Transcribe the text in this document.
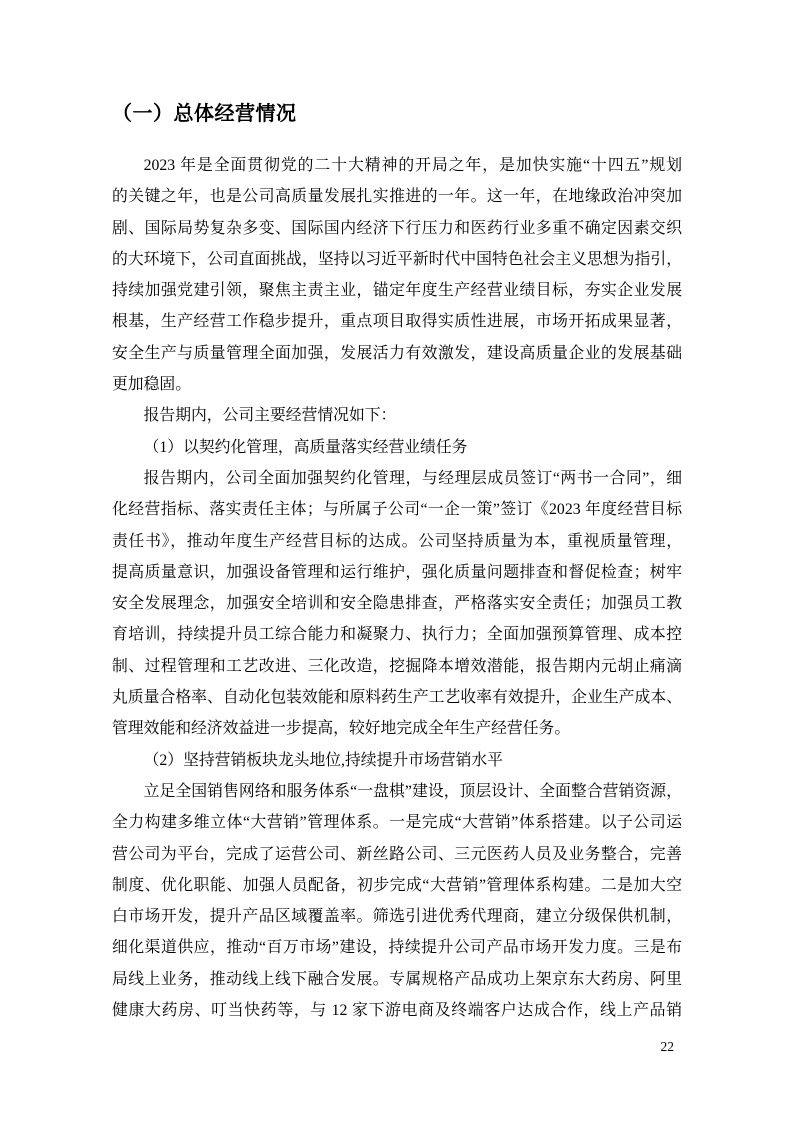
（一）总体经营情况
2023 年是全面贯彻党的二十大精神的开局之年，是加快实施“十四五”规划
的关键之年，也是公司高质量发展扎实推进的一年。这一年，在地缘政治冲突加
剧、国际局势复杂多变、国际国内经济下行压力和医药行业多重不确定因素交织
的大环境下，公司直面挑战，坚持以习近平新时代中国特色社会主义思想为指引，
持续加强党建引领，聚焦主责主业，锚定年度生产经营业绩目标，夯实企业发展
根基，生产经营工作稳步提升，重点项目取得实质性进展，市场开拓成果显著，
安全生产与质量管理全面加强，发展活力有效激发，建设高质量企业的发展基础
更加稳固。
报告期内，公司主要经营情况如下：
（1）以契约化管理，高质量落实经营业绩任务
报告期内，公司全面加强契约化管理，与经理层成员签订“两书一合同”，细
化经营指标、落实责任主体；与所属子公司“一企一策”签订《2023 年度经营目标
责任书》，推动年度生产经营目标的达成。公司坚持质量为本，重视质量管理，
提高质量意识，加强设备管理和运行维护，强化质量问题排查和督促检查；树牢
安全发展理念，加强安全培训和安全隐患排查，严格落实安全责任；加强员工教
育培训，持续提升员工综合能力和凝聚力、执行力；全面加强预算管理、成本控
制、过程管理和工艺改进、三化改造，挖掘降本增效潜能，报告期内元胡止痛滴
丸质量合格率、自动化包装效能和原料药生产工艺收率有效提升，企业生产成本、
管理效能和经济效益进一步提高，较好地完成全年生产经营任务。
（2）坚持营销板块龙头地位,持续提升市场营销水平
立足全国销售网络和服务体系“一盘棋”建设，顶层设计、全面整合营销资源，
全力构建多维立体“大营销”管理体系。一是完成“大营销”体系搭建。以子公司运
营公司为平台，完成了运营公司、新丝路公司、三元医药人员及业务整合，完善
制度、优化职能、加强人员配备，初步完成“大营销”管理体系构建。二是加大空
白市场开发，提升产品区域覆盖率。筛选引进优秀代理商，建立分级保供机制，
细化渠道供应，推动“百万市场”建设，持续提升公司产品市场开发力度。三是布
局线上业务，推动线上线下融合发展。专属规格产品成功上架京东大药房、阿里
健康大药房、叮当快药等，与 12 家下游电商及终端客户达成合作，线上产品销
22
